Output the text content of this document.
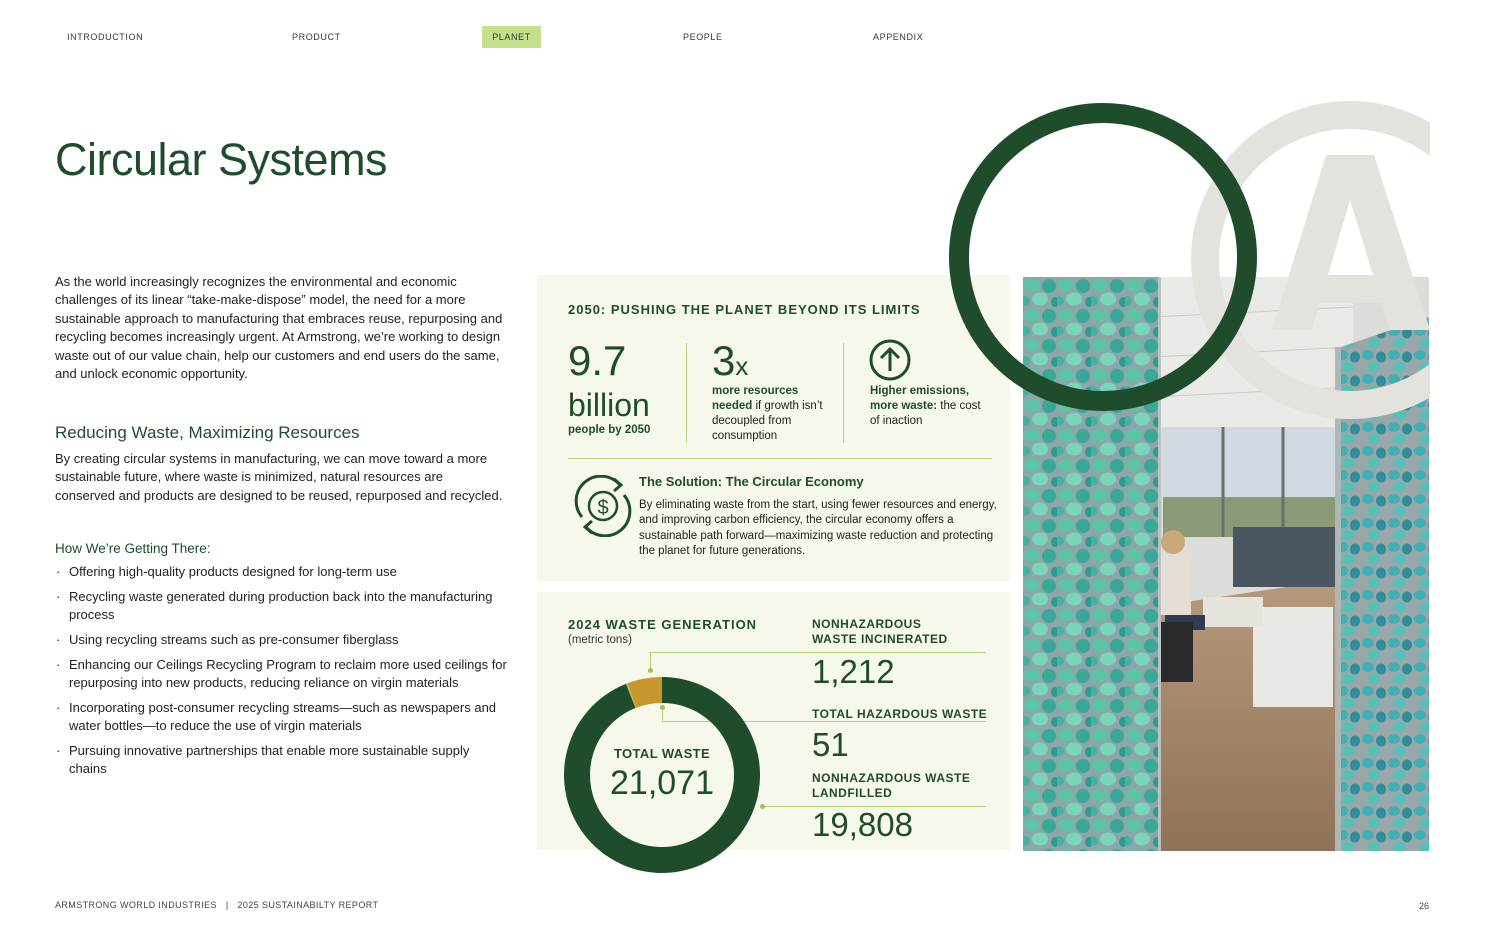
INTRODUCTION	PRODUCT	PLANET	PEOPLE	APPENDIX
Circular Systems
As the world increasingly recognizes the environmental and economic challenges of its linear “take-make-dispose” model, the need for a more sustainable approach to manufacturing that embraces reuse, repurposing and recycling becomes increasingly urgent. At Armstrong, we’re working to design waste out of our value chain, help our customers and end users do the same, and unlock economic opportunity.
Reducing Waste, Maximizing Resources
By creating circular systems in manufacturing, we can move toward a more sustainable future, where waste is minimized, natural resources are conserved and products are designed to be reused, repurposed and recycled.
How We’re Getting There:
· Offering high-quality products designed for long-term use
· Recycling waste generated during production back into the manufacturing process
· Using recycling streams such as pre-consumer fiberglass
· Enhancing our Ceilings Recycling Program to reclaim more used ceilings for repurposing into new products, reducing reliance on virgin materials
· Incorporating post-consumer recycling streams—such as newspapers and water bottles—to reduce the use of virgin materials
· Pursuing innovative partnerships that enable more sustainable supply chains
2050: PUSHING THE PLANET BEYOND ITS LIMITS
9.7
billion
people by 2050
3x
more resources needed if growth isn’t decoupled from consumption
Higher emissions, more waste: the cost of inaction
$
The Solution: The Circular Economy
By eliminating waste from the start, using fewer resources and energy, and improving carbon efficiency, the circular economy offers a sustainable path forward—maximizing waste reduction and protecting the planet for future generations.
2024 WASTE GENERATION
(metric tons)
TOTAL WASTE
21,071
NONHAZARDOUS
WASTE INCINERATED
1,212
TOTAL HAZARDOUS WASTE
51
NONHAZARDOUS WASTE
LANDFILLED
19,808
ARMSTRONG WORLD INDUSTRIES | 2025 SUSTAINABILTY REPORT	26
